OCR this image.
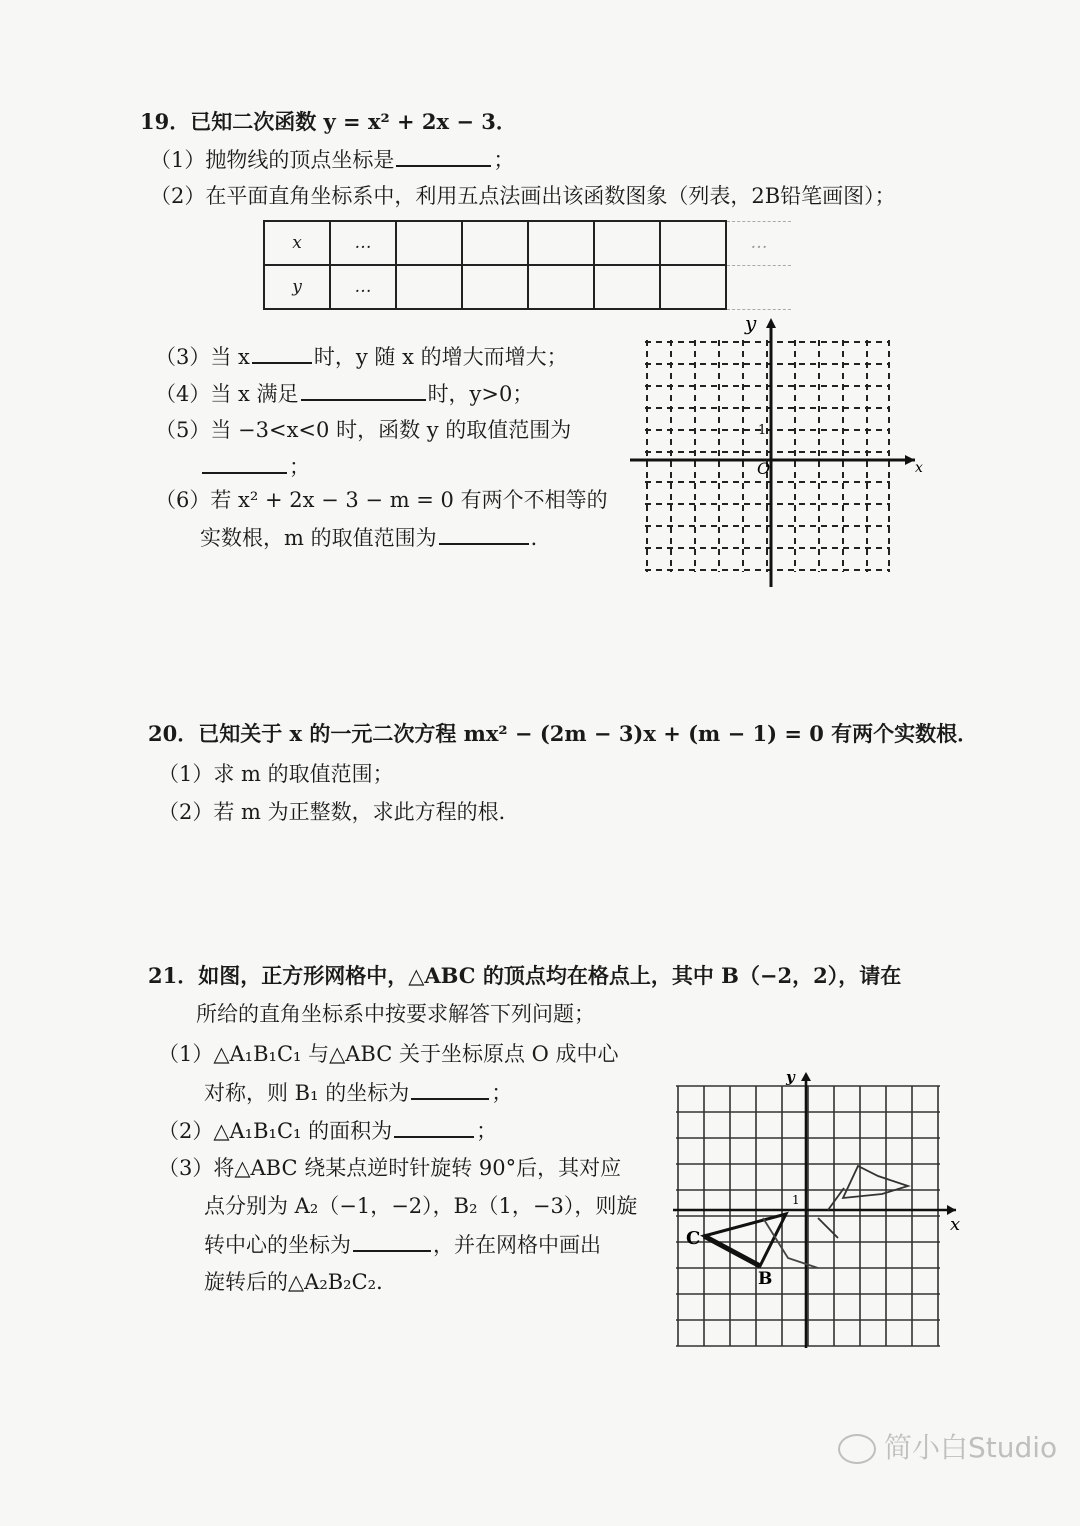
19．已知二次函数 y = x² + 2x − 3．
（1）抛物线的顶点坐标是	；
（2）在平面直角坐标系中，利用五点法画出该函数图象（列表，2B铅笔画图）；
x	…						…
y	…						
（3）当 x	时，y 随 x 的增大而增大；
（4）当 x 满足	时，y>0；
（5）当 −3<x<0 时，函数 y 的取值范围为
；
（6）若 x² + 2x − 3 − m = 0 有两个不相等的
实数根，m 的取值范围为	．
y
x
O
1
20．已知关于 x 的一元二次方程 mx² − (2m − 3)x + (m − 1) = 0 有两个实数根．
（1）求 m 的取值范围；
（2）若 m 为正整数，求此方程的根．
21．如图，正方形网格中，△ABC 的顶点均在格点上，其中 B（−2，2），请在
所给的直角坐标系中按要求解答下列问题；
（1）△A₁B₁C₁ 与△ABC 关于坐标原点 O 成中心
对称，则 B₁ 的坐标为	；
（2）△A₁B₁C₁ 的面积为	；
（3）将△ABC 绕某点逆时针旋转 90°后，其对应
点分别为 A₂（−1，−2），B₂（1，−3），则旋
转中心的坐标为	，并在网格中画出
旋转后的△A₂B₂C₂．
y
x
1
C
B
简小白Studio
